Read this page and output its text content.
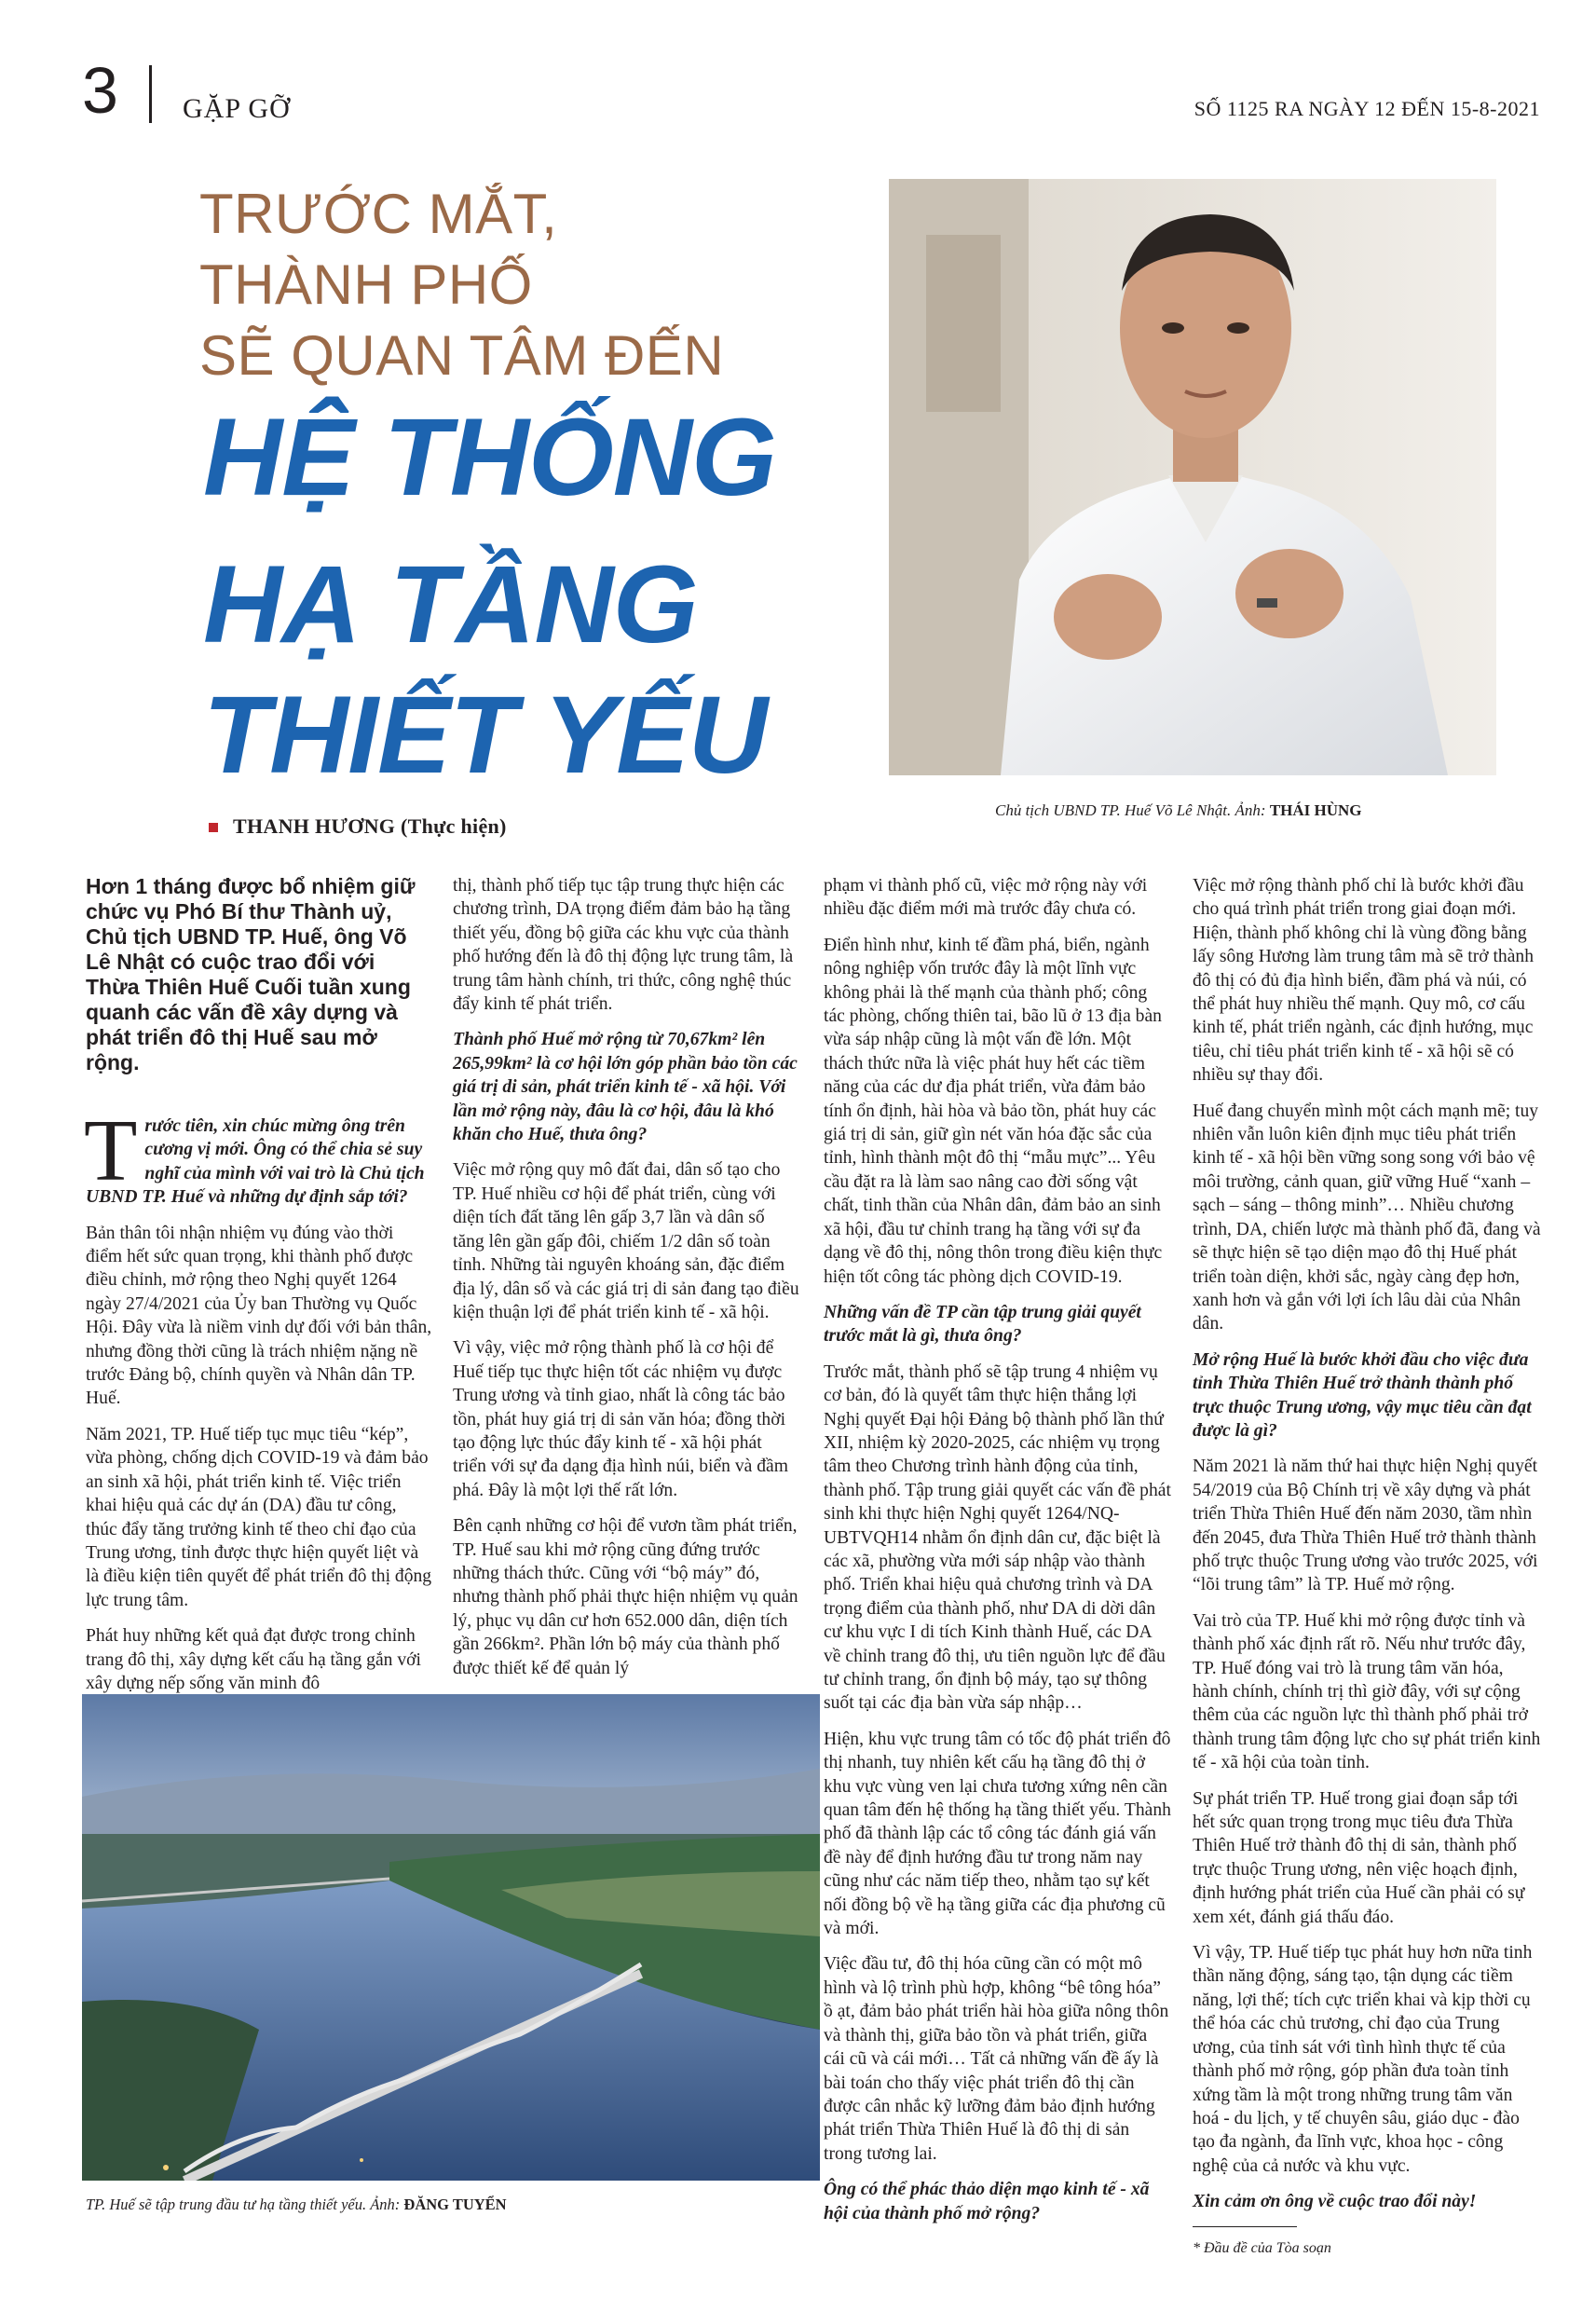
3 GẶP GỠ	SỐ 1125 RA NGÀY 12 ĐẾN 15-8-2021
TRƯỚC MẮT,
THÀNH PHỐ
SẼ QUAN TÂM ĐẾN
HỆ THỐNG
HẠ TẦNG
THIẾT YẾU
Chủ tịch UBND TP. Huế Võ Lê Nhật. Ảnh: THÁI HÙNG
THANH HƯƠNG (Thực hiện)

Hơn 1 tháng được bổ nhiệm giữ chức vụ Phó Bí thư Thành uỷ, Chủ tịch UBND TP. Huế, ông Võ Lê Nhật có cuộc trao đổi với Thừa Thiên Huế Cuối tuần xung quanh các vấn đề xây dựng và phát triển đô thị Huế sau mở rộng.

Trước tiên, xin chúc mừng ông trên cương vị mới. Ông có thể chia sẻ suy nghĩ của mình với vai trò là Chủ tịch UBND TP. Huế và những dự định sắp tới?

Bản thân tôi nhận nhiệm vụ đúng vào thời điểm hết sức quan trọng, khi thành phố được điều chỉnh, mở rộng theo Nghị quyết 1264 ngày 27/4/2021 của Ủy ban Thường vụ Quốc Hội. Đây vừa là niềm vinh dự đối với bản thân, nhưng đồng thời cũng là trách nhiệm nặng nề trước Đảng bộ, chính quyền và Nhân dân TP. Huế.

Năm 2021, TP. Huế tiếp tục mục tiêu “kép”, vừa phòng, chống dịch COVID-19 và đảm bảo an sinh xã hội, phát triển kinh tế. Việc triển khai hiệu quả các dự án (DA) đầu tư công, thúc đẩy tăng trưởng kinh tế theo chỉ đạo của Trung ương, tỉnh được thực hiện quyết liệt và là điều kiện tiên quyết để phát triển đô thị động lực trung tâm.

Phát huy những kết quả đạt được trong chỉnh trang đô thị, xây dựng kết cấu hạ tầng gắn với xây dựng nếp sống văn minh đô

thị, thành phố tiếp tục tập trung thực hiện các chương trình, DA trọng điểm đảm bảo hạ tầng thiết yếu, đồng bộ giữa các khu vực của thành phố hướng đến là đô thị động lực trung tâm, là trung tâm hành chính, tri thức, công nghệ thúc đẩy kinh tế phát triển.

Thành phố Huế mở rộng từ 70,67km² lên 265,99km² là cơ hội lớn góp phần bảo tồn các giá trị di sản, phát triển kinh tế - xã hội. Với lần mở rộng này, đâu là cơ hội, đâu là khó khăn cho Huế, thưa ông?

Việc mở rộng quy mô đất đai, dân số tạo cho TP. Huế nhiều cơ hội để phát triển, cùng với diện tích đất tăng lên gấp 3,7 lần và dân số tăng lên gần gấp đôi, chiếm 1/2 dân số toàn tỉnh. Những tài nguyên khoáng sản, đặc điểm địa lý, dân số và các giá trị di sản đang tạo điều kiện thuận lợi để phát triển kinh tế - xã hội.

Vì vậy, việc mở rộng thành phố là cơ hội để Huế tiếp tục thực hiện tốt các nhiệm vụ được Trung ương và tỉnh giao, nhất là công tác bảo tồn, phát huy giá trị di sản văn hóa; đồng thời tạo động lực thúc đẩy kinh tế - xã hội phát triển với sự đa dạng địa hình núi, biển và đầm phá. Đây là một lợi thế rất lớn.

Bên cạnh những cơ hội để vươn tầm phát triển, TP. Huế sau khi mở rộng cũng đứng trước những thách thức. Cũng với “bộ máy” đó, nhưng thành phố phải thực hiện nhiệm vụ quản lý, phục vụ dân cư hơn 652.000 dân, diện tích gần 266km². Phần lớn bộ máy của thành phố được thiết kế để quản lý

TP. Huế sẽ tập trung đầu tư hạ tầng thiết yếu. Ảnh: ĐĂNG TUYỂN

phạm vi thành phố cũ, việc mở rộng này với nhiều đặc điểm mới mà trước đây chưa có.

Điển hình như, kinh tế đầm phá, biển, ngành nông nghiệp vốn trước đây là một lĩnh vực không phải là thế mạnh của thành phố; công tác phòng, chống thiên tai, bão lũ ở 13 địa bàn vừa sáp nhập cũng là một vấn đề lớn. Một thách thức nữa là việc phát huy hết các tiềm năng của các dư địa phát triển, vừa đảm bảo tính ổn định, hài hòa và bảo tồn, phát huy các giá trị di sản, giữ gìn nét văn hóa đặc sắc của tỉnh, hình thành một đô thị “mẫu mực”... Yêu cầu đặt ra là làm sao nâng cao đời sống vật chất, tinh thần của Nhân dân, đảm bảo an sinh xã hội, đầu tư chỉnh trang hạ tầng với sự đa dạng về đô thị, nông thôn trong điều kiện thực hiện tốt công tác phòng dịch COVID-19.

Những vấn đề TP cần tập trung giải quyết trước mắt là gì, thưa ông?

Trước mắt, thành phố sẽ tập trung 4 nhiệm vụ cơ bản, đó là quyết tâm thực hiện thắng lợi Nghị quyết Đại hội Đảng bộ thành phố lần thứ XII, nhiệm kỳ 2020-2025, các nhiệm vụ trọng tâm theo Chương trình hành động của tỉnh, thành phố. Tập trung giải quyết các vấn đề phát sinh khi thực hiện Nghị quyết 1264/NQ-UBTVQH14 nhằm ổn định dân cư, đặc biệt là các xã, phường vừa mới sáp nhập vào thành phố. Triển khai hiệu quả chương trình và DA trọng điểm của thành phố, như DA di dời dân cư khu vực I di tích Kinh thành Huế, các DA về chỉnh trang đô thị, ưu tiên nguồn lực để đầu tư chỉnh trang, ổn định bộ máy, tạo sự thông suốt tại các địa bàn vừa sáp nhập…

Hiện, khu vực trung tâm có tốc độ phát triển đô thị nhanh, tuy nhiên kết cấu hạ tầng đô thị ở khu vực vùng ven lại chưa tương xứng nên cần quan tâm đến hệ thống hạ tầng thiết yếu. Thành phố đã thành lập các tổ công tác đánh giá vấn đề này để định hướng đầu tư trong năm nay cũng như các năm tiếp theo, nhằm tạo sự kết nối đồng bộ về hạ tầng giữa các địa phương cũ và mới.

Việc đầu tư, đô thị hóa cũng cần có một mô hình và lộ trình phù hợp, không “bê tông hóa” ồ ạt, đảm bảo phát triển hài hòa giữa nông thôn và thành thị, giữa bảo tồn và phát triển, giữa cái cũ và cái mới… Tất cả những vấn đề ấy là bài toán cho thấy việc phát triển đô thị cần được cân nhắc kỹ lưỡng đảm bảo định hướng phát triển Thừa Thiên Huế là đô thị di sản trong tương lai.

Ông có thể phác thảo diện mạo kinh tế - xã hội của thành phố mở rộng?

Việc mở rộng thành phố chỉ là bước khởi đầu cho quá trình phát triển trong giai đoạn mới. Hiện, thành phố không chỉ là vùng đồng bằng lấy sông Hương làm trung tâm mà sẽ trở thành đô thị có đủ địa hình biển, đầm phá và núi, có thể phát huy nhiều thế mạnh. Quy mô, cơ cấu kinh tế, phát triển ngành, các định hướng, mục tiêu, chỉ tiêu phát triển kinh tế - xã hội sẽ có nhiều sự thay đổi.

Huế đang chuyển mình một cách mạnh mẽ; tuy nhiên vẫn luôn kiên định mục tiêu phát triển kinh tế - xã hội bền vững song song với bảo vệ môi trường, cảnh quan, giữ vững Huế “xanh – sạch – sáng – thông minh”… Nhiều chương trình, DA, chiến lược mà thành phố đã, đang và sẽ thực hiện sẽ tạo diện mạo đô thị Huế phát triển toàn diện, khởi sắc, ngày càng đẹp hơn, xanh hơn và gắn với lợi ích lâu dài của Nhân dân.

Mở rộng Huế là bước khởi đầu cho việc đưa tỉnh Thừa Thiên Huế trở thành thành phố trực thuộc Trung ương, vậy mục tiêu cần đạt được là gì?

Năm 2021 là năm thứ hai thực hiện Nghị quyết 54/2019 của Bộ Chính trị về xây dựng và phát triển Thừa Thiên Huế đến năm 2030, tầm nhìn đến 2045, đưa Thừa Thiên Huế trở thành thành phố trực thuộc Trung ương vào trước 2025, với “lõi trung tâm” là TP. Huế mở rộng.

Vai trò của TP. Huế khi mở rộng được tỉnh và thành phố xác định rất rõ. Nếu như trước đây, TP. Huế đóng vai trò là trung tâm văn hóa, hành chính, chính trị thì giờ đây, với sự cộng thêm của các nguồn lực thì thành phố phải trở thành trung tâm động lực cho sự phát triển kinh tế - xã hội của toàn tỉnh.

Sự phát triển TP. Huế trong giai đoạn sắp tới hết sức quan trọng trong mục tiêu đưa Thừa Thiên Huế trở thành đô thị di sản, thành phố trực thuộc Trung ương, nên việc hoạch định, định hướng phát triển của Huế cần phải có sự xem xét, đánh giá thấu đáo.

Vì vậy, TP. Huế tiếp tục phát huy hơn nữa tinh thần năng động, sáng tạo, tận dụng các tiềm năng, lợi thế; tích cực triển khai và kịp thời cụ thể hóa các chủ trương, chỉ đạo của Trung ương, của tỉnh sát với tình hình thực tế của thành phố mở rộng, góp phần đưa toàn tỉnh xứng tầm là một trong những trung tâm văn hoá - du lịch, y tế chuyên sâu, giáo dục - đào tạo đa ngành, đa lĩnh vực, khoa học - công nghệ của cả nước và khu vực.

Xin cảm ơn ông về cuộc trao đổi này!

* Đầu đề của Tòa soạn
